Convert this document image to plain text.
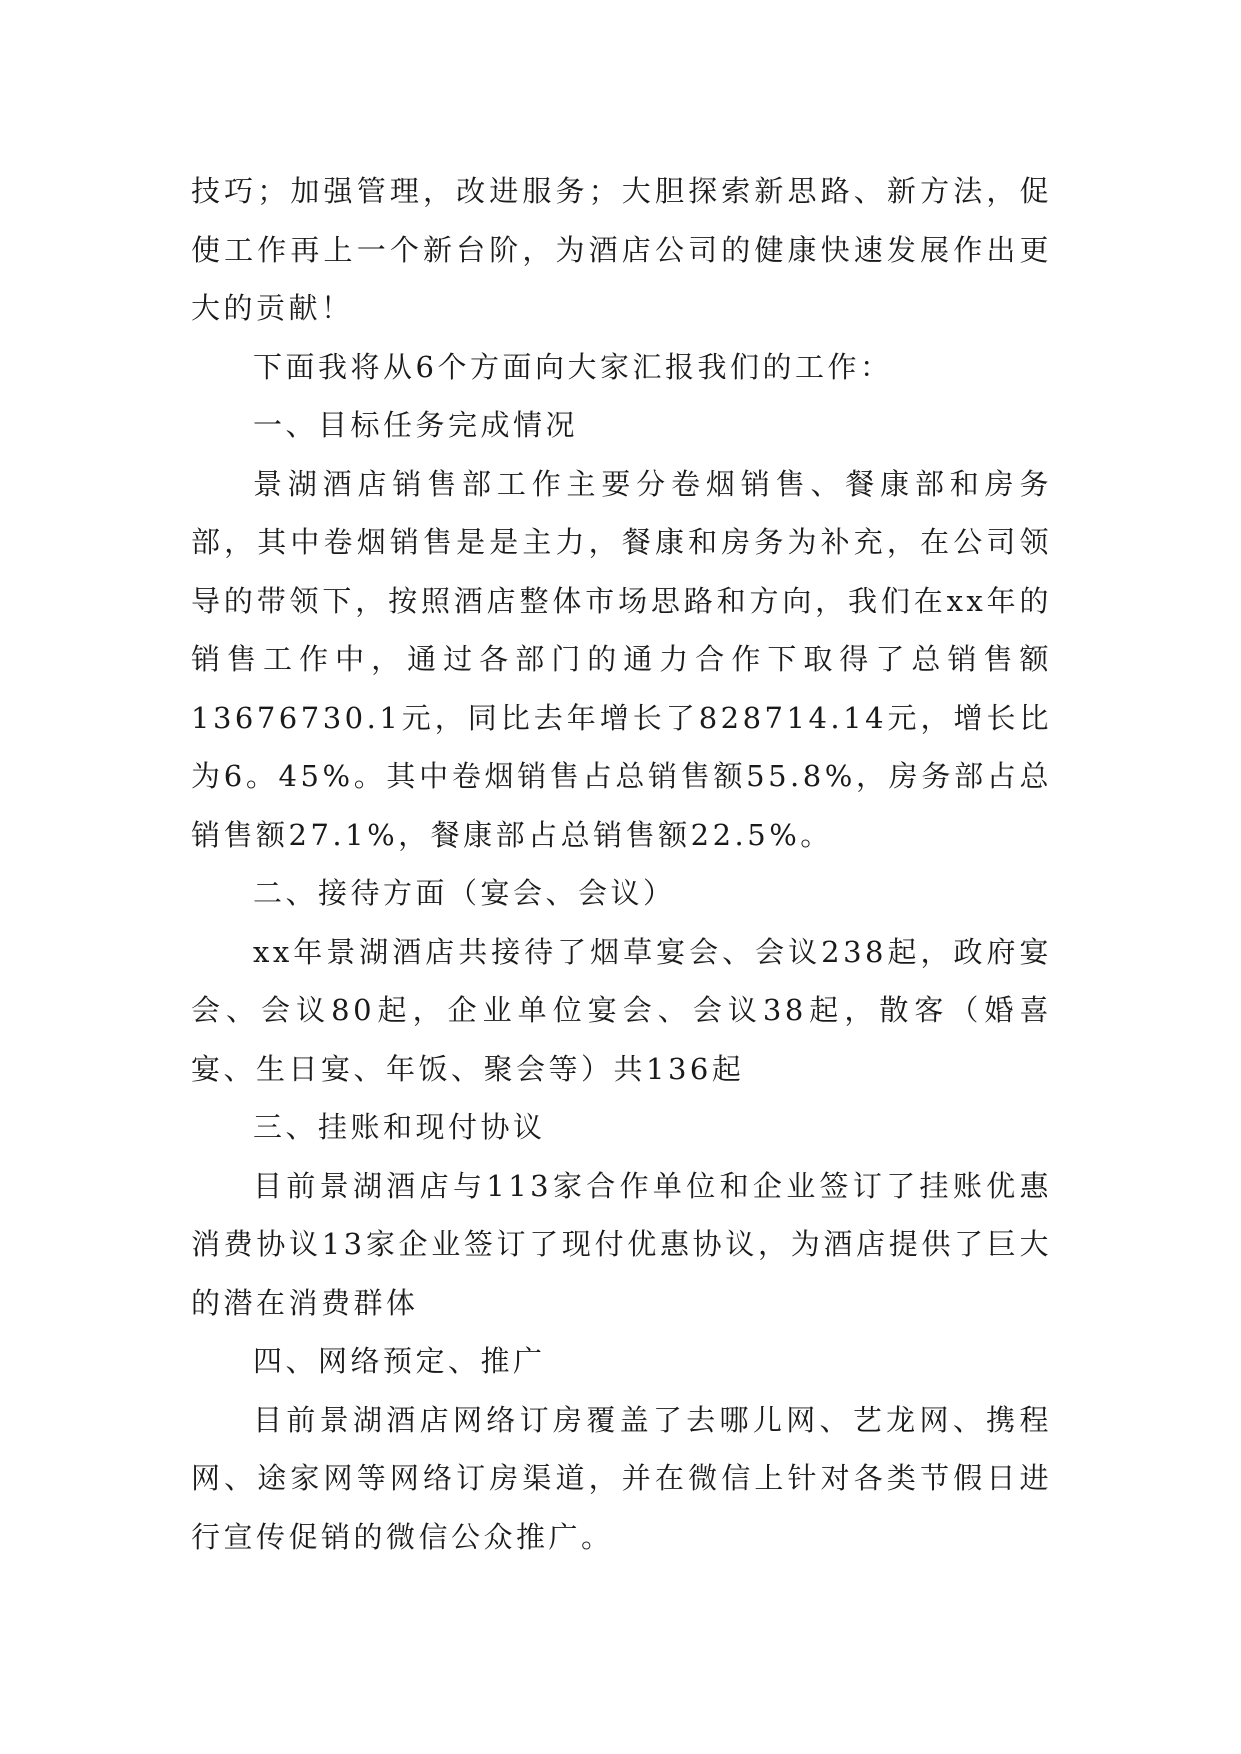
技巧；加强管理，改进服务；大胆探索新思路、新方法，促使工作再上一个新台阶，为酒店公司的健康快速发展作出更大的贡献！

下面我将从6个方面向大家汇报我们的工作：

一、目标任务完成情况

景湖酒店销售部工作主要分卷烟销售、餐康部和房务部，其中卷烟销售是是主力，餐康和房务为补充，在公司领导的带领下，按照酒店整体市场思路和方向，我们在xx年的销售工作中，通过各部门的通力合作下取得了总销售额13676730.1元，同比去年增长了828714.14元，增长比为6。45%。其中卷烟销售占总销售额55.8%，房务部占总销售额27.1%，餐康部占总销售额22.5%。

二、接待方面（宴会、会议）

xx年景湖酒店共接待了烟草宴会、会议238起，政府宴会、会议80起，企业单位宴会、会议38起，散客（婚喜宴、生日宴、年饭、聚会等）共136起

三、挂账和现付协议

目前景湖酒店与113家合作单位和企业签订了挂账优惠消费协议13家企业签订了现付优惠协议，为酒店提供了巨大的潜在消费群体

四、网络预定、推广

目前景湖酒店网络订房覆盖了去哪儿网、艺龙网、携程网、途家网等网络订房渠道，并在微信上针对各类节假日进行宣传促销的微信公众推广。
